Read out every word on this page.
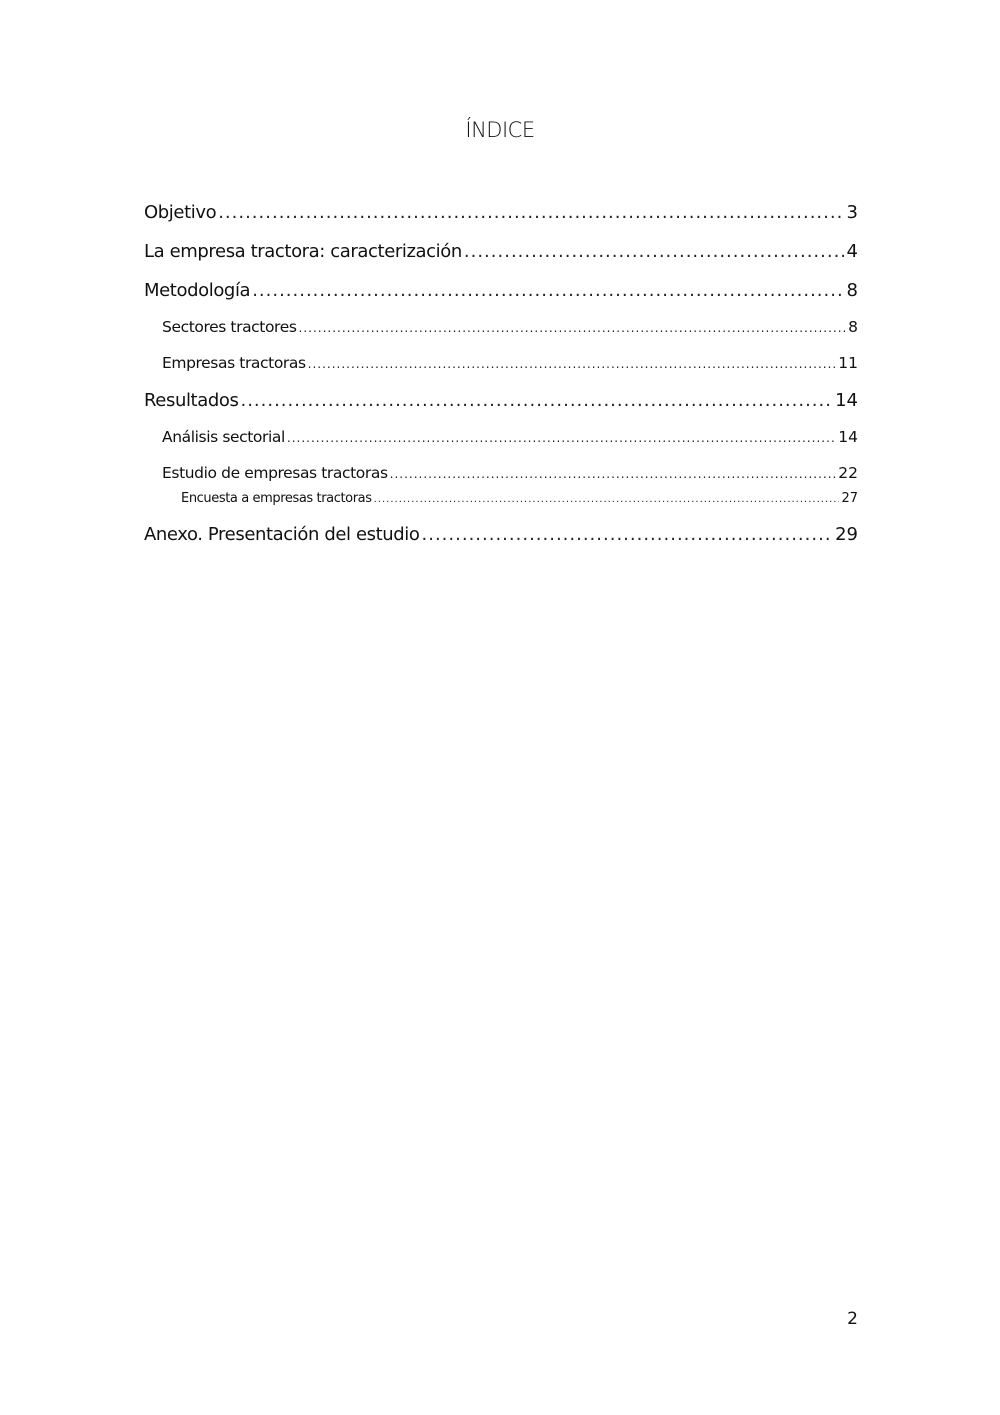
ÍNDICE
Objetivo .....	3
La empresa tractora: caracterización .....	4
Metodología .....	8
Sectores tractores .....	8
Empresas tractoras .....	11
Resultados .....	14
Análisis sectorial .....	14
Estudio de empresas tractoras .....	22
Encuesta a empresas tractoras .....	27
Anexo. Presentación del estudio .....	29
2
